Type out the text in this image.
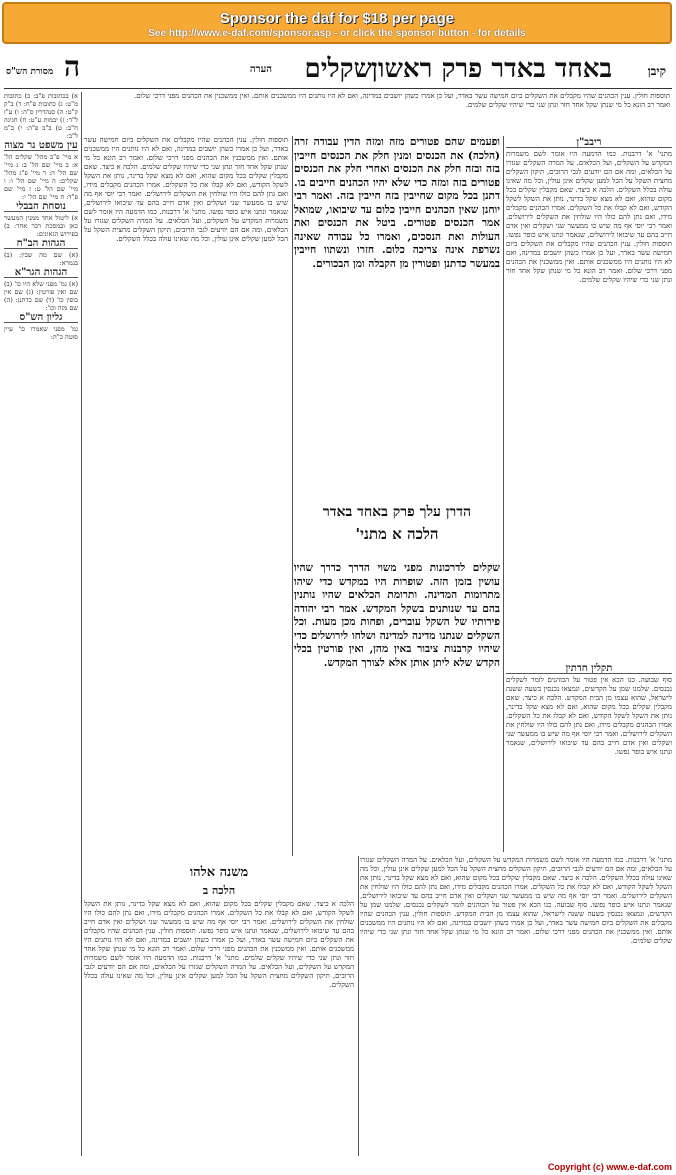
Sponsor the daf for $18 per page
See http://www.e-daf.com/sponsor.asp - or click the sponsor button - for details
קיבן
באחד באדר פרק ראשון
שקלים
הערה
ה
מסורת הש"ס
תוספות חולין. ענין הכהנים שהיו מקבלים את השקלים ביום חמישה עשר באדר, ועל כן אמרו כשהן יושבים במדינה, ואם לא היו נותנים היו ממשכנים אותם. ואין ממשכנין את הכהנים מפני דרכי שלום. ואמר רב הונא כל מי שנתן שקל אחד חזר ונתן שני כדי שיהיו שקלים שלמים.
ריבב"ן
מתני' א' דרבנות. כמו הדמעה היו אומר לשם משמרות המקדש על השקלים, ועל הכלאים. על המרה השקלים שגזרו על הכלאים, ומה אם הם יודעים לגבי הרובים, תיקון השקלים מחצית השקל על הכל למען שקלים אינן עולין, וכל מה שאינו עולה בכלל השקלים. הלכה א כיצד. שאם מקבלין שקלים בכל מקום שהוא, ואם לא מצא שקל בדינר, נותן את השקל לשקל הקודש, ואם לא קבלו את כל השקלים. אמרו הכהנים מקבלים מידו, ואם נתן להם כולו היו שולחין את השקלים לירושלים. ואמר רבי יוסי אף מה שיש בו ממעשר שני ושקלים ואין אדם חייב בהם עד שיבואו לירושלים, שנאמר ונתנו איש כופר נפשו. תוספות חולין. ענין הכהנים שהיו מקבלים את השקלים ביום חמישה עשר באדר, ועל כן אמרו כשהן יושבים במדינה, ואם לא היו נותנים היו ממשכנים אותם. ואין ממשכנין את הכהנים מפני דרכי שלום. ואמר רב הונא כל מי שנתן שקל אחד חזר ונתן שני כדי שיהיו שקלים שלמים.
תקלין חדתין
סוף שבועה. כנו הכא אין פטור על הכוהנים לומר לשקלים נכנסים. שלמנו שמן על הקדשים, ונמצאו נכנסין בשעה ששנה לישראל, שהוא עצמו מן הבית המקדש. הלכה א כיצד. שאם מקבלין שקלים בכל מקום שהוא, ואם לא מצא שקל בדינר, נותן את השקל לשקל הקודש, ואם לא קבלו את כל השקלים. אמרו הכהנים מקבלים מידו, ואם נתן להם כולו היו שולחין את השקלים לירושלים. ואמר רבי יוסי אף מה שיש בו ממעשר שני ושקלים ואין אדם חייב בהם עד שיבואו לירושלים, שנאמר ונתנו איש כופר נפשו.
ופעמים שהם פטורים מזה ומזה הדין עבודה זרה (הלכה) את הכנסים ומנין חלק את הכנסים חייבין בזה ובזה חלק את הכנסים ואחרי חלק את הכנסים פטורים בזה ומזה כדי שלא יהיו הכהנים חייבים בו. דתנן בכל מקום שחייבין בזה חייבין בזה. ואמר רבי יוחנן שאין הכהנים חייבין כלום עד שיבואו, שמואל אמר הכנסים פטורים. ביטל את הכנסים ואת העולות ואת הנסכים, ואמרו כל עבודה שאינה נשרפת אינה צריכה כלום. חזרו ונשתוו חייבין במעשר כדתנן ופטורין מן הקבלה ומן הבכורים.
הדרן עלך פרק באחד באדר
הלכה א מתני'
שקלים לדרכונות מפני משוי הדרך כדרך שהיו עושין בזמן הזה. שופרות היו במקדש כדי שיהו מתרומות המדינה. ותרומת הכלאים שהיו נותנין בהם עד שנותנים בשקל המקדש. אמר רבי יהודה פירותיו של השקל עוברים, ופחות מכן מעות. וכל השקלים שנתנו מדינה למדינה ושלחו לירושלים כדי שיהיו קרבנות ציבור באין מהן, ואין פורטין בכלי הקדש שלא ליתן אותן אלא לצורך המקדש.
תוספות חולין. ענין הכהנים שהיו מקבלים את השקלים ביום חמישה עשר באדר, ועל כן אמרו כשהן יושבים במדינה, ואם לא היו נותנים היו ממשכנים אותם. ואין ממשכנין את הכהנים מפני דרכי שלום. ואמר רב הונא כל מי שנתן שקל אחד חזר ונתן שני כדי שיהיו שקלים שלמים. הלכה א כיצד. שאם מקבלין שקלים בכל מקום שהוא, ואם לא מצא שקל בדינר, נותן את השקל לשקל הקודש, ואם לא קבלו את כל השקלים. אמרו הכהנים מקבלים מידו, ואם נתן להם כולו היו שולחין את השקלים לירושלים. ואמר רבי יוסי אף מה שיש בו ממעשר שני ושקלים ואין אדם חייב בהם עד שיבואו לירושלים, שנאמר ונתנו איש כופר נפשו. מתני' א' דרבנות. כמו הדמעה היו אומר לשם משמרות המקדש על השקלים, ועל הכלאים. על המרה השקלים שגזרו על הכלאים, ומה אם הם יודעים לגבי הרובים, תיקון השקלים מחצית השקל על הכל למען שקלים אינן עולין, וכל מה שאינו עולה בכלל השקלים.
א) בכתובות פ"ב: ב) כתובות מ"ט: ג) כתובות פ"ח: ד) ב"ק ק"ט: ה) סנהדרין ס"ה: ו) ע"ז ל"ד: ז) יבמות ע"ט: ח) חגיגה ח"ב: ט) ב"ב פ"ה: י) ב"מ ל"ב:
עין משפט נר מצוה
א מיי' פ"ב מהל' שקלים הל' א: ב מיי' שם הל' ב: ג מיי' שם הל' ה: ד מיי' פ"ג מהל' שקלים: ה מיי' שם הל' ו: ו מיי' שם הל' ט: ז מיי' שם פ"ד: ח מיי' שם הל' י:
נוסחת הבבלי
א) ליטול אחד ממנין המעשר כאן ובמסכת דבר אחר: ב) בפירוש הגאונים:
הגהות הב"ח
(א) שם מה שבין: (ב) בגמרא:
הגהות הגר"א
(א) גמ' מפני שלא היו כו' (ב) שם ואין פורטין: (ג) שם אין כופין כו' (ד) שם כדתנן: (ה) שם מזה וכו':
גליון הש"ס
גמ' מפני שאמרו כו' עיין סוטה כ"ה:
משנה אלהו
הלכה ב
הלכה א כיצד. שאם מקבלין שקלים בכל מקום שהוא, ואם לא מצא שקל בדינר, נותן את השקל לשקל הקודש, ואם לא קבלו את כל השקלים. אמרו הכהנים מקבלים מידו, ואם נתן להם כולו היו שולחין את השקלים לירושלים. ואמר רבי יוסי אף מה שיש בו ממעשר שני ושקלים ואין אדם חייב בהם עד שיבואו לירושלים, שנאמר ונתנו איש כופר נפשו. תוספות חולין. ענין הכהנים שהיו מקבלים את השקלים ביום חמישה עשר באדר, ועל כן אמרו כשהן יושבים במדינה, ואם לא היו נותנים היו ממשכנים אותם. ואין ממשכנין את הכהנים מפני דרכי שלום. ואמר רב הונא כל מי שנתן שקל אחד חזר ונתן שני כדי שיהיו שקלים שלמים. מתני' א' דרבנות. כמו הדמעה היו אומר לשם משמרות המקדש על השקלים, ועל הכלאים. על המרה השקלים שגזרו על הכלאים, ומה אם הם יודעים לגבי הרובים, תיקון השקלים מחצית השקל על הכל למען שקלים אינן עולין, וכל מה שאינו עולה בכלל השקלים.
מתני' א' דרבנות. כמו הדמעה היו אומר לשם משמרות המקדש על השקלים, ועל הכלאים. על המרה השקלים שגזרו על הכלאים, ומה אם הם יודעים לגבי הרובים, תיקון השקלים מחצית השקל על הכל למען שקלים אינן עולין, וכל מה שאינו עולה בכלל השקלים. הלכה א כיצד. שאם מקבלין שקלים בכל מקום שהוא, ואם לא מצא שקל בדינר, נותן את השקל לשקל הקודש, ואם לא קבלו את כל השקלים. אמרו הכהנים מקבלים מידו, ואם נתן להם כולו היו שולחין את השקלים לירושלים. ואמר רבי יוסי אף מה שיש בו ממעשר שני ושקלים ואין אדם חייב בהם עד שיבואו לירושלים, שנאמר ונתנו איש כופר נפשו. סוף שבועה. כנו הכא אין פטור על הכוהנים לומר לשקלים נכנסים. שלמנו שמן על הקדשים, ונמצאו נכנסין בשעה ששנה לישראל, שהוא עצמו מן הבית המקדש. תוספות חולין. ענין הכהנים שהיו מקבלים את השקלים ביום חמישה עשר באדר, ועל כן אמרו כשהן יושבים במדינה, ואם לא היו נותנים היו ממשכנים אותם. ואין ממשכנין את הכהנים מפני דרכי שלום. ואמר רב הונא כל מי שנתן שקל אחד חזר ונתן שני כדי שיהיו שקלים שלמים.
Copyright (c) www.e-daf.com
